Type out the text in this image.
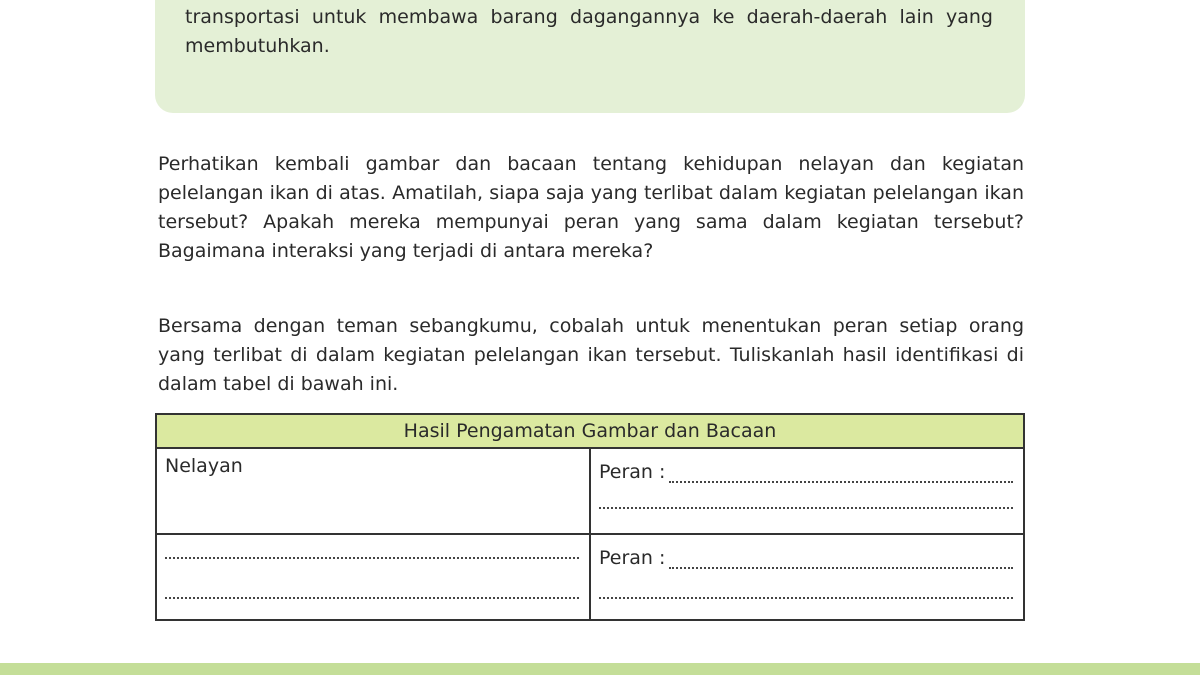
transportasi untuk membawa barang dagangannya ke daerah-daerah lain yang membutuhkan.

Perhatikan kembali gambar dan bacaan tentang kehidupan nelayan dan kegiatan pelelangan ikan di atas. Amatilah, siapa saja yang terlibat dalam kegiatan pelelangan ikan tersebut? Apakah mereka mempunyai peran yang sama dalam kegiatan tersebut? Bagaimana interaksi yang terjadi di antara mereka?

Bersama dengan teman sebangkumu, cobalah untuk menentukan peran setiap orang yang terlibat di dalam kegiatan pelelangan ikan tersebut. Tuliskanlah hasil identifikasi di dalam tabel di bawah ini.

Hasil Pengamatan Gambar dan Bacaan	

Nelayan	Peran :

	Peran :
